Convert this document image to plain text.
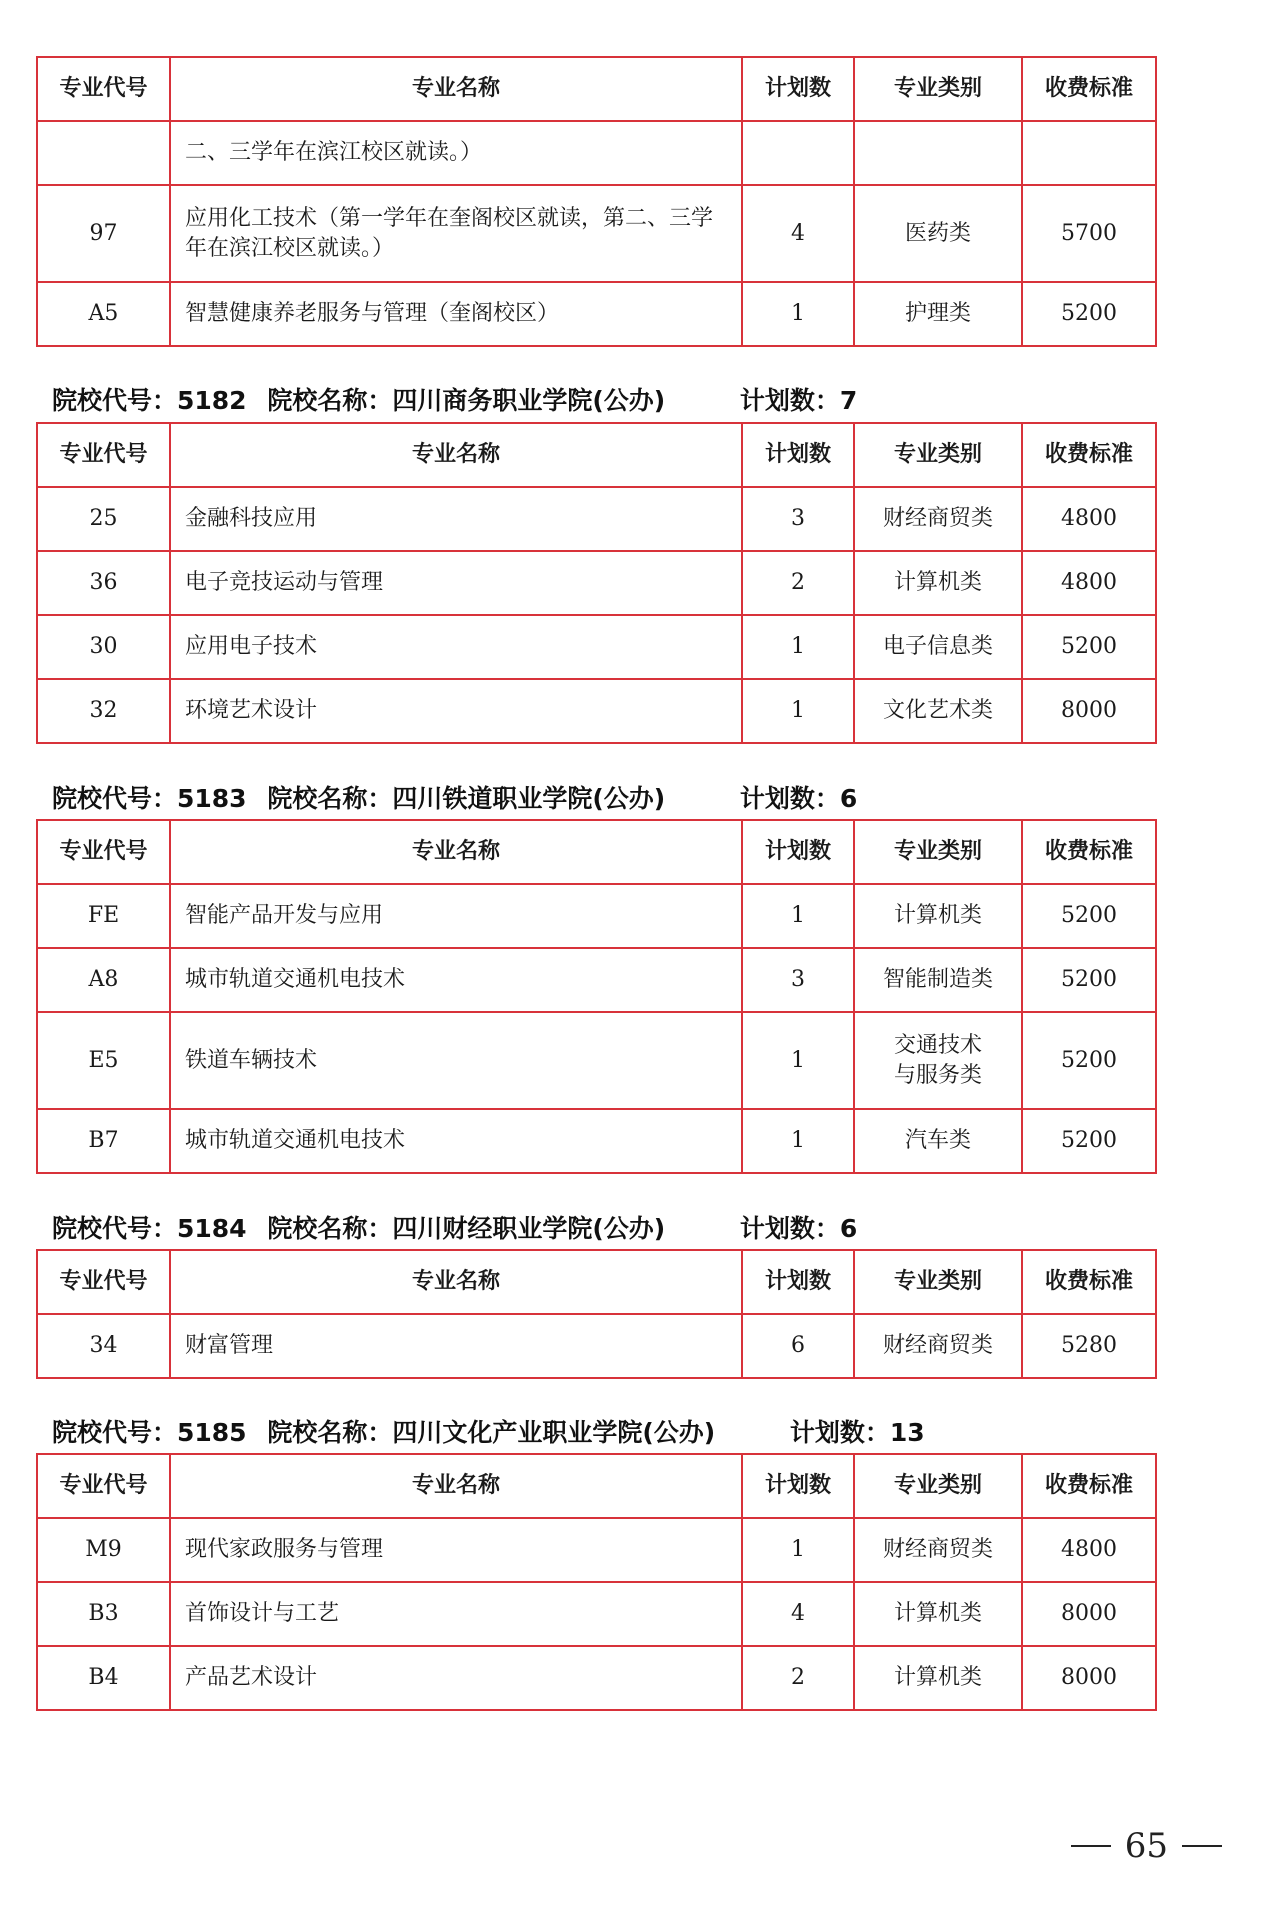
专业代号	专业名称	计划数	专业类别	收费标准
	二、三学年在滨江校区就读。）			
97	应用化工技术（第一学年在奎阁校区就读，第二、三学年在滨江校区就读。）	4	医药类	5700
A5	智慧健康养老服务与管理（奎阁校区）	1	护理类	5200
院校代号：5182 院校名称：四川商务职业学院(公办)	计划数：7
专业代号	专业名称	计划数	专业类别	收费标准
25	金融科技应用	3	财经商贸类	4800
36	电子竞技运动与管理	2	计算机类	4800
30	应用电子技术	1	电子信息类	5200
32	环境艺术设计	1	文化艺术类	8000
院校代号：5183 院校名称：四川铁道职业学院(公办)	计划数：6
专业代号	专业名称	计划数	专业类别	收费标准
FE	智能产品开发与应用	1	计算机类	5200
A8	城市轨道交通机电技术	3	智能制造类	5200
E5	铁道车辆技术	1	交通技术与服务类	5200
B7	城市轨道交通机电技术	1	汽车类	5200
院校代号：5184 院校名称：四川财经职业学院(公办)	计划数：6
专业代号	专业名称	计划数	专业类别	收费标准
34	财富管理	6	财经商贸类	5280
院校代号：5185 院校名称：四川文化产业职业学院(公办)	计划数：13
专业代号	专业名称	计划数	专业类别	收费标准
M9	现代家政服务与管理	1	财经商贸类	4800
B3	首饰设计与工艺	4	计算机类	8000
B4	产品艺术设计	2	计算机类	8000
65
